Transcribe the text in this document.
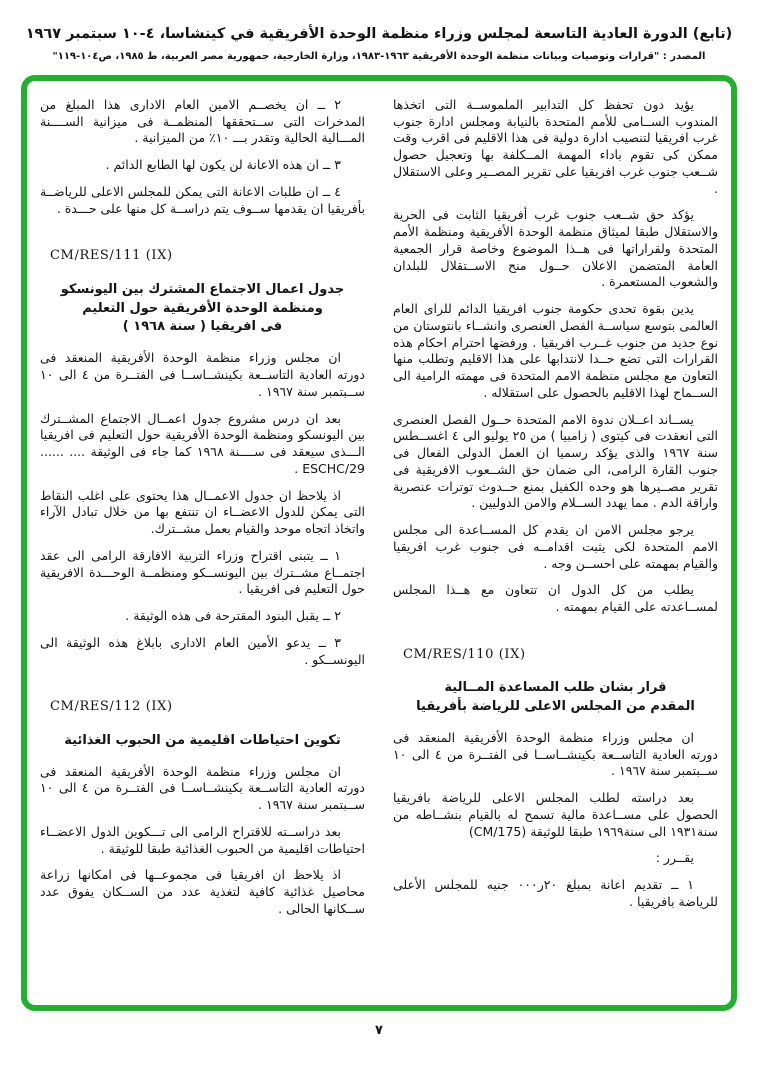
(تابع) الدورة العادية التاسعة لمجلس وزراء منظمة الوحدة الأفريقية في كينشاسا، ٤-١٠ سبتمبر ١٩٦٧
المصدر : "قرارات وتوصيات وبيانات منظمة الوحدة الأفريقية ١٩٦٣-١٩٨٣، وزارة الخارجية، جمهورية مصر العربية، ط ١٩٨٥، ص١٠٤-١١٩"

يؤيد دون تحفظ كل التدابير الملموســة التى اتخذها المندوب الســامى للأمم المتحدة بالنيابة ومجلس ادارة جنوب غرب افريقيا لتنصيب ادارة دولية فى هذا الاقليم فى اقرب وقت ممكن كى تقوم باداء المهمة المــكلفة بها وتعجيل حصول شــعب جنوب غرب افريقيا على تقرير المصــير وعلى الاستقلال .

يؤكد حق شــعب جنوب غرب أفريقيا الثابت فى الحرية والاستقلال طبقا لميثاق منظمة الوحدة الأفريقية ومنظمة الأمم المتحدة ولقراراتها فى هــذا الموضوع وخاصة قرار الجمعية العامة المتضمن الاعلان حــول منح الاســتقلال للبلدان والشعوب المستعمرة .

يدين بقوة تحدى حكومة جنوب افريقيا الدائم للراى العام العالمى بتوسع سياســة الفصل العنصرى وانشــاء بانتوستان من نوع جديد من جنوب غــرب افريقيا . ورفضها احترام احكام هذه القرارات التى تضع حــدا لانتدابها على هذا الاقليم وتطلب منها التعاون مع مجلس منظمة الامم المتحدة فى مهمته الرامية الى الســماح لهذا الاقليم بالحصول على استقلاله .

يســاند اعــلان ندوة الامم المتحدة حــول الفصل العنصرى التى انعقدت فى كيتوى ( زامبيا ) من ٢٥ يوليو الى ٤ اغســطس سنة ١٩٦٧ والذى يؤكد رسميا ان العمل الدولى الفعال فى جنوب القارة الرامى، الى ضمان حق الشــعوب الافريقية فى تقرير مصــيرها هو وحده الكفيل بمنع حــدوث توترات عنصرية واراقة الدم . مما يهدد الســلام والامن الدوليين .

يرجو مجلس الامن ان يقدم كل المســاعدة الى مجلس الامم المتحدة لكى يثبت اقدامــه فى جنوب غرب افريقيا والقيام بمهمته على احســن وجه .

يطلب من كل الدول ان تتعاون مع هــذا المجلس لمســاعدته على القيام بمهمته .

CM/RES/110 (IX)
قرار بشان طلب المساعدة المــالية
المقدم من المجلس الاعلى للرياضة بأفريقيا

ان مجلس وزراء منظمة الوحدة الأفريقية المنعقد فى دورته العادية التاســعة بكينشــاســا فى الفتــرة من ٤ الى ١٠ ســبتمبر سنة ١٩٦٧ .

بعد دراسته لطلب المجلس الاعلى للرياضة بافريقيا الحصول على مســاعدة مالية تسمح له بالقيام بنشــاطه من سنة١٩٣١ الى سنة١٩٦٩ طبقا للوثيقة (CM/175)

يقــرر :

١ ــ تقديم اعانة بمبلغ ٢٠ر٠٠٠ جنيه للمجلس الأعلى للرياضة بافريقيا .

٢ ــ ان يخصــم الامين العام الادارى هذا المبلغ من المدخرات التى ســتحققها المنظمــة فى ميزانية الســــنة المـــالية الحالية وتقدر بـــ ١٠٪ من الميزانية .

٣ ــ ان هذه الاعانة لن يكون لها الطابع الدائم .

٤ ــ ان طلبات الاعانة التى يمكن للمجلس الاعلى للرياضــة بأفريقيا ان يقدمها ســوف يتم دراســة كل منها على حـــدة .

CM/RES/111 (IX)
جدول اعمال الاجتماع المشترك بين اليونسكو
ومنظمة الوحدة الأفريقية حول التعليم
فى افريقيا ( سنة ١٩٦٨ )

ان مجلس وزراء منظمة الوحدة الأفريقية المنعقد فى دورته العادية التاســعة بكينشــاســا فى الفتــرة من ٤ الى ١٠ ســبتمبر سنة ١٩٦٧ .

بعد ان درس مشروع جدول اعمــال الاجتماع المشــترك بين اليونسكو ومنظمة الوحدة الأفريقية حول التعليم فى افريقيا الـــذى سيعقد فى ســــنة ١٩٦٨ كما جاء فى الوثيقة .... ...... ESCHC/29 .

اذ يلاحظ ان جدول الاعمــال هذا يحتوى على اغلب النقاط التى يمكن للدول الاعضــاء ان تنتفع بها من خلال تبادل الآراء واتخاذ اتجاه موحد والقيام بعمل مشــترك.

١ ــ يتبنى اقتراح وزراء التربية الافارقة الرامى الى عقد اجتمــاع مشــترك بين اليونســكو ومنظمــة الوحـــدة الافريقية حول التعليم فى افريقيا .

٢ ــ يقبل البنود المقترحة فى هذه الوثيقة .

٣ ــ يدعو الأمين العام الادارى بابلاغ هذه الوثيقة الى اليونســكو .

CM/RES/112 (IX)
تكوين احتياطات اقليمية من الحبوب الغذائية

ان مجلس وزراء منظمة الوحدة الأفريقية المنعقد فى دورته العادية التاســعة بكينشــاســا فى الفتــرة من ٤ الى ١٠ ســبتمبر سنة ١٩٦٧ .

بعد دراســته للاقتراح الرامى الى تـــكوين الدول الاعضــاء احتياطات اقليمية من الحبوب الغذائية طبقا للوثيقة .

اذ يلاحظ ان افريقيا فى مجموعــها فى امكانها زراعة محاصيل غذائية كافية لتغذية عدد من الســكان يفوق عدد ســكانها الحالى .

٧
